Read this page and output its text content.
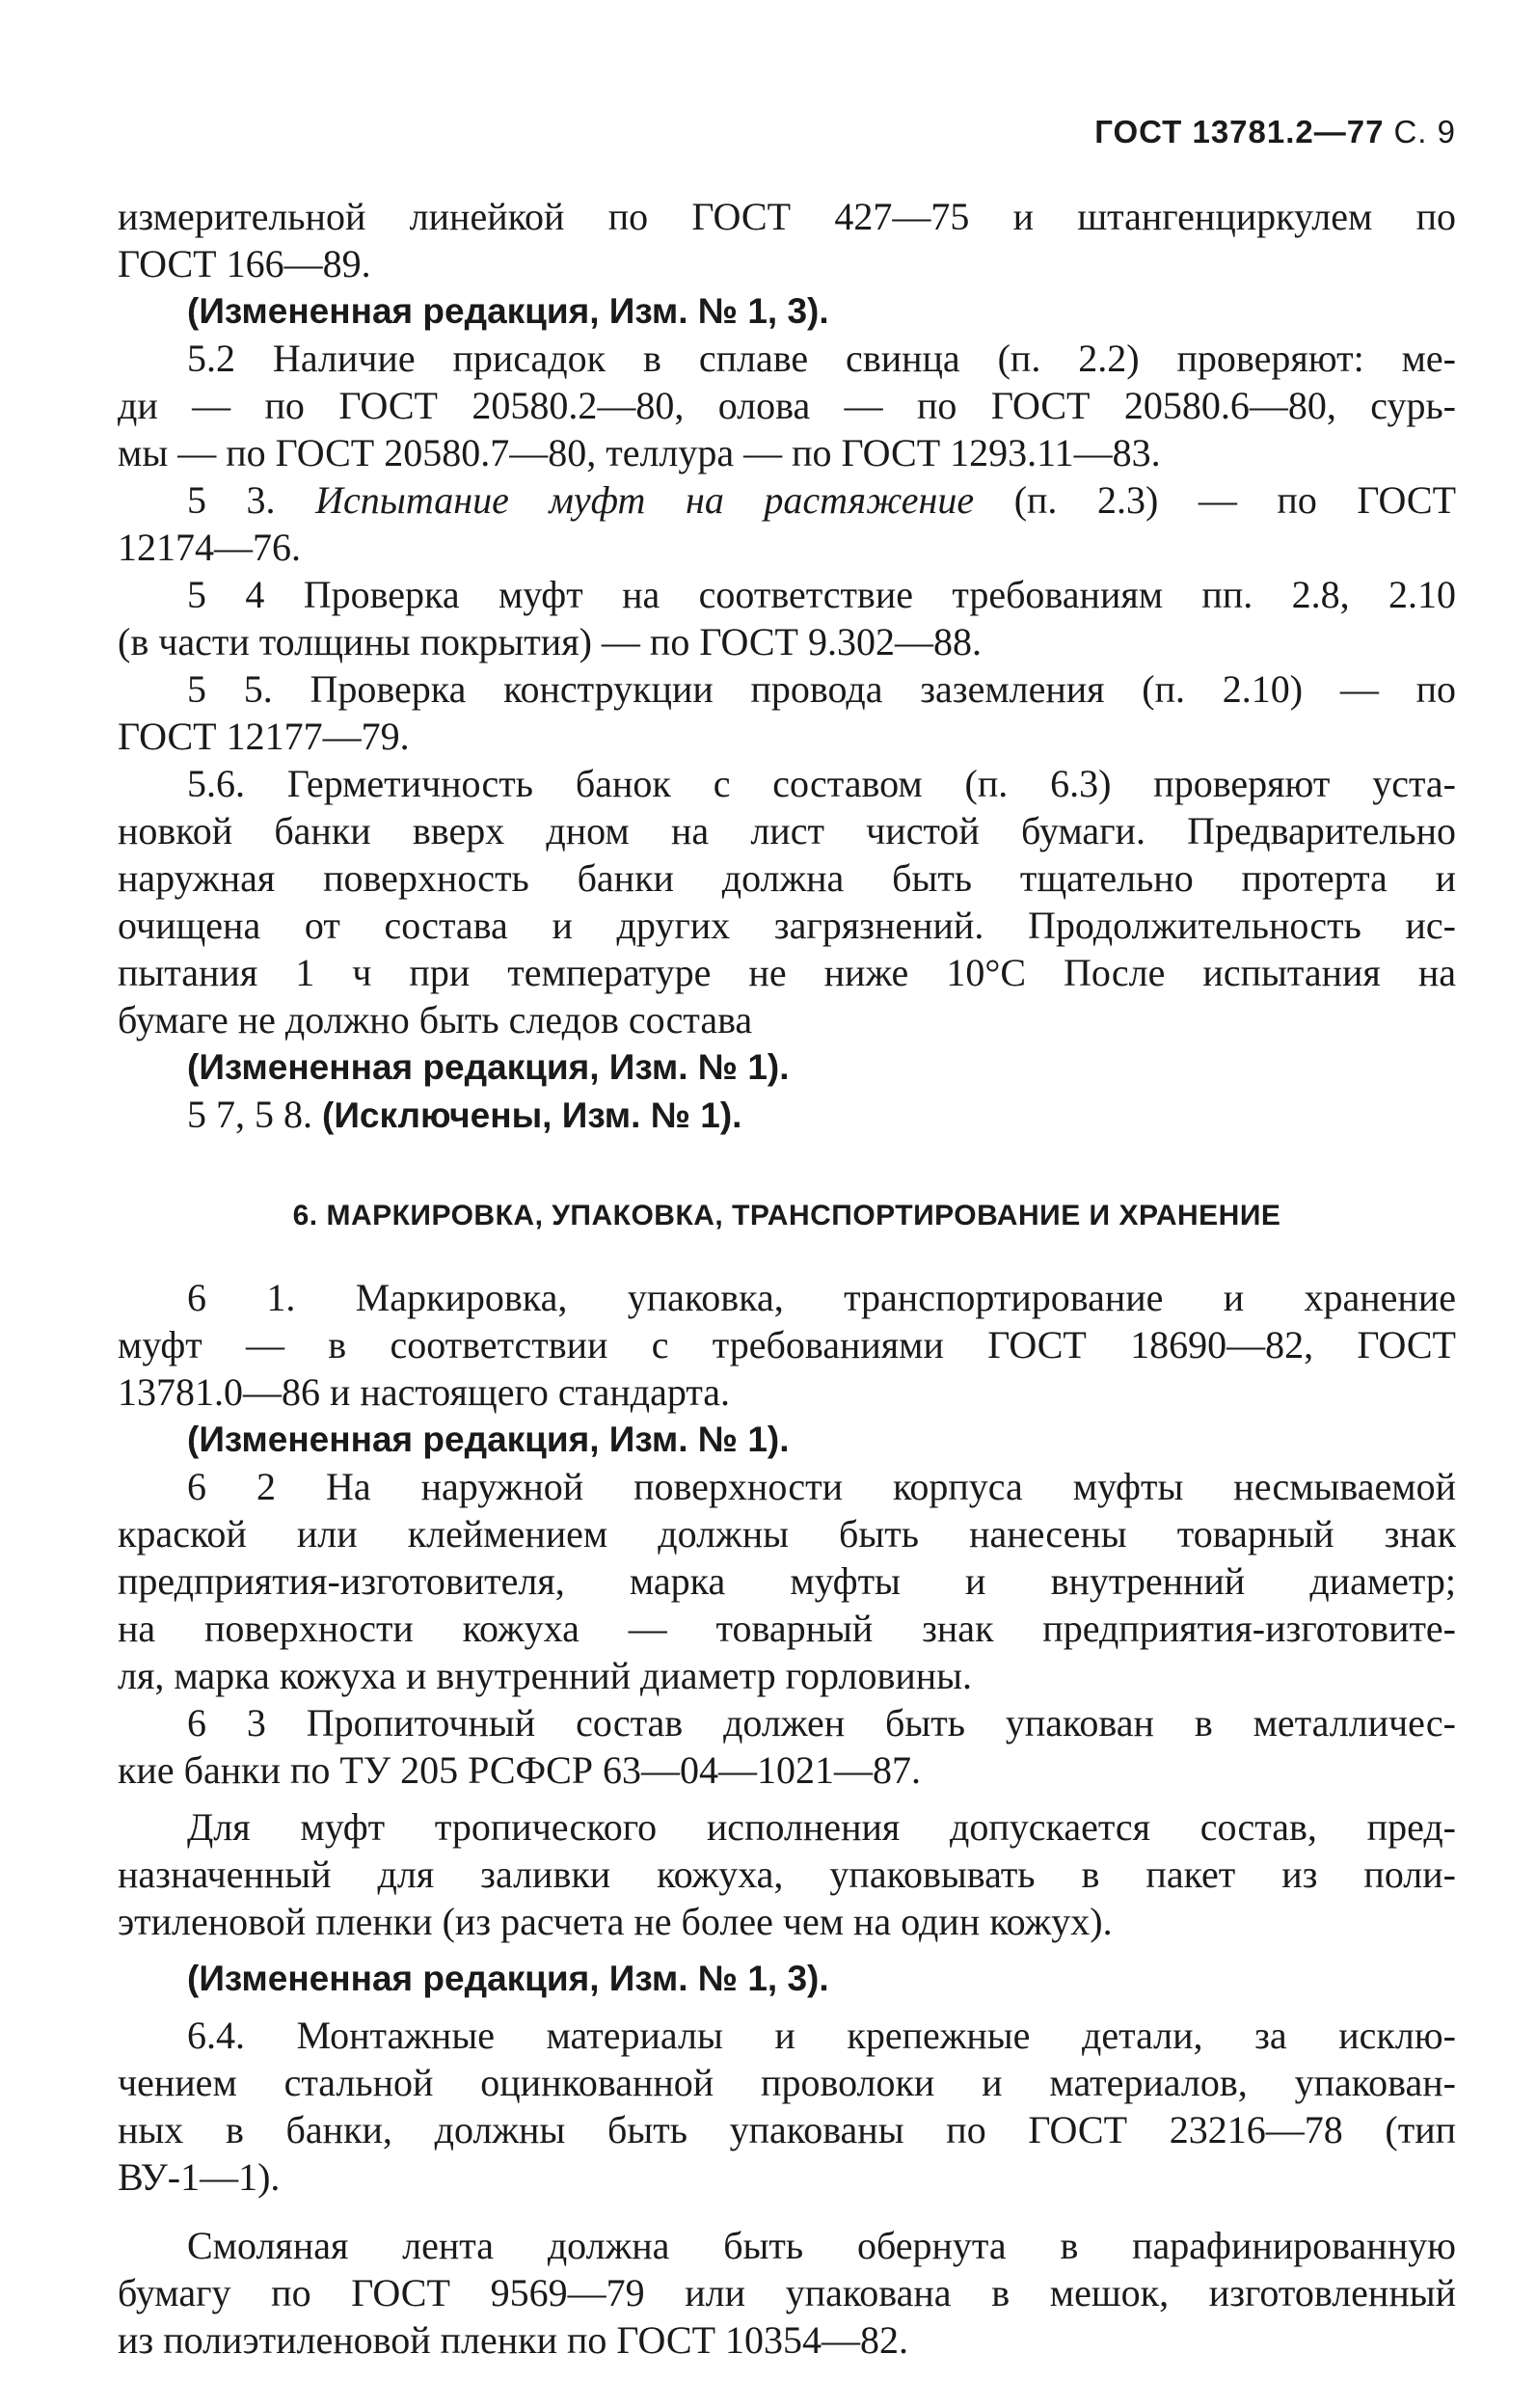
ГОСТ 13781.2—77 С. 9
измерительной линейкой по ГОСТ 427—75 и штангенциркулем по
ГОСТ 166—89.
(Измененная редакция, Изм. № 1, 3).
5.2 Наличие присадок в сплаве свинца (п. 2.2) проверяют: ме-
ди — по ГОСТ 20580.2—80, олова — по ГОСТ 20580.6—80, сурь-
мы — по ГОСТ 20580.7—80, теллура — по ГОСТ 1293.11—83.
5 3. Испытание муфт на растяжение (п. 2.3) — по ГОСТ
12174—76.
5 4 Проверка муфт на соответствие требованиям пп. 2.8, 2.10
(в части толщины покрытия) — по ГОСТ 9.302—88.
5 5. Проверка конструкции провода заземления (п. 2.10) — по
ГОСТ 12177—79.
5.6. Герметичность банок с составом (п. 6.3) проверяют уста-
новкой банки вверх дном на лист чистой бумаги. Предварительно
наружная поверхность банки должна быть тщательно протерта и
очищена от состава и других загрязнений. Продолжительность ис-
пытания 1 ч при температуре не ниже 10°С После испытания на
бумаге не должно быть следов состава
(Измененная редакция, Изм. № 1).
5 7, 5 8. (Исключены, Изм. № 1).
6. МАРКИРОВКА, УПАКОВКА, ТРАНСПОРТИРОВАНИЕ И ХРАНЕНИЕ
6 1. Маркировка, упаковка, транспортирование и хранение
муфт — в соответствии с требованиями ГОСТ 18690—82, ГОСТ
13781.0—86 и настоящего стандарта.
(Измененная редакция, Изм. № 1).
6 2 На наружной поверхности корпуса муфты несмываемой
краской или клеймением должны быть нанесены товарный знак
предприятия-изготовителя, марка муфты и внутренний диаметр;
на поверхности кожуха — товарный знак предприятия-изготовите-
ля, марка кожуха и внутренний диаметр горловины.
6 3 Пропиточный состав должен быть упакован в металличес-
кие банки по ТУ 205 РСФСР 63—04—1021—87.
Для муфт тропического исполнения допускается состав, пред-
назначенный для заливки кожуха, упаковывать в пакет из поли-
этиленовой пленки (из расчета не более чем на один кожух).
(Измененная редакция, Изм. № 1, 3).
6.4. Монтажные материалы и крепежные детали, за исклю-
чением стальной оцинкованной проволоки и материалов, упакован-
ных в банки, должны быть упакованы по ГОСТ 23216—78 (тип
ВУ-1—1).
Смоляная лента должна быть обернута в парафинированную
бумагу по ГОСТ 9569—79 или упакована в мешок, изготовленный
из полиэтиленовой пленки по ГОСТ 10354—82.
